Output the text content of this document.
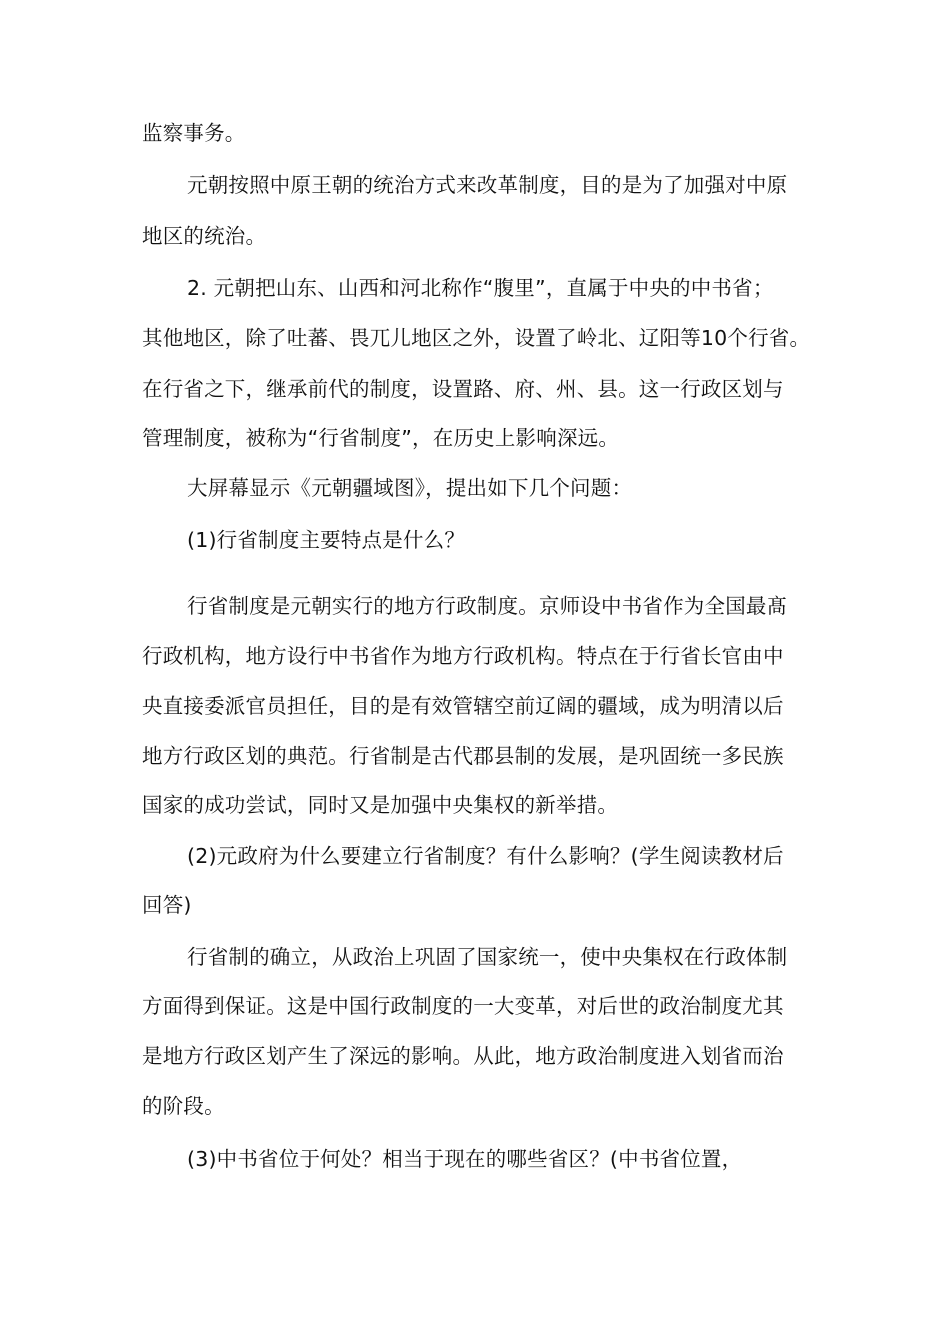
监察事务。
元朝按照中原王朝的统治方式来改革制度，目的是为了加强对中原
地区的统治。
2. 元朝把山东、山西和河北称作“腹里”，直属于中央的中书省；
其他地区，除了吐蕃、畏兀儿地区之外，设置了岭北、辽阳等10个行省。
在行省之下，继承前代的制度，设置路、府、州、县。这一行政区划与
管理制度，被称为“行省制度”，在历史上影响深远。
大屏幕显示《元朝疆域图》，提出如下几个问题：
(1)行省制度主要特点是什么？
行省制度是元朝实行的地方行政制度。京师设中书省作为全国最髙
行政机构，地方设行中书省作为地方行政机构。特点在于行省长官由中
央直接委派官员担任，目的是有效管辖空前辽阔的疆域，成为明清以后
地方行政区划的典范。行省制是古代郡县制的发展，是巩固统一多民族
国家的成功尝试，同时又是加强中央集权的新举措。
(2)元政府为什么要建立行省制度？有什么影响？(学生阅读教材后
回答)
行省制的确立，从政治上巩固了国家统一，使中央集权在行政体制
方面得到保证。这是中国行政制度的一大变革，对后世的政治制度尤其
是地方行政区划产生了深远的影响。从此，地方政治制度进入划省而治
的阶段。
(3)中书省位于何处？相当于现在的哪些省区？(中书省位置，
